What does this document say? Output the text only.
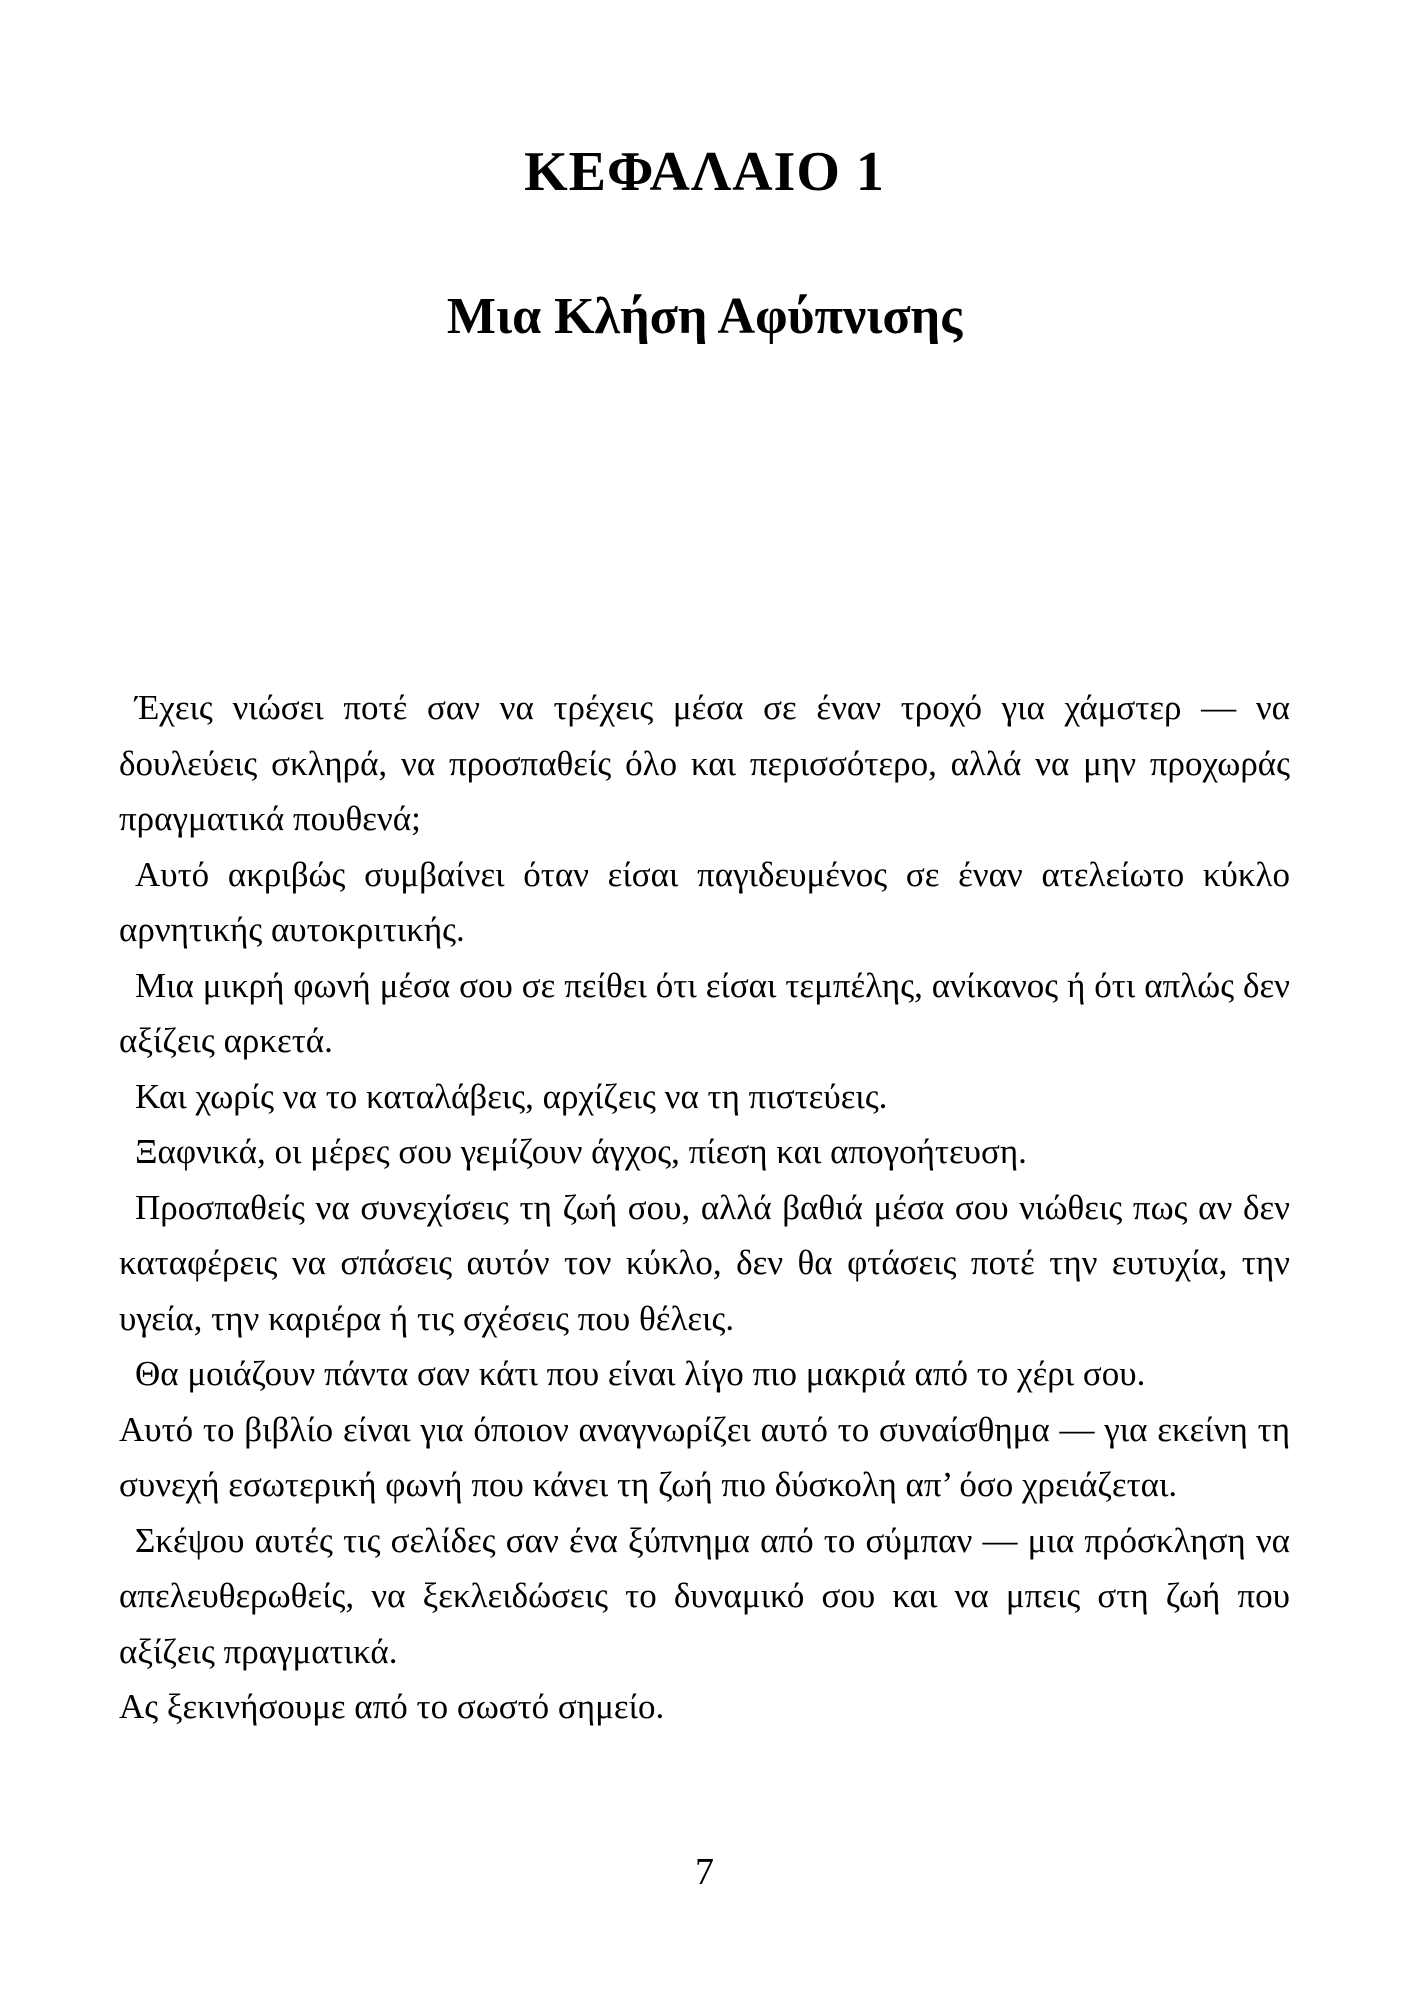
ΚΕΦΑΛΑΙΟ 1
Μια Κλήση Αφύπνισης

Έχεις νιώσει ποτέ σαν να τρέχεις μέσα σε έναν τροχό για χάμστερ — να δουλεύεις σκληρά, να προσπαθείς όλο και περισσότερο, αλλά να μην προχωράς πραγματικά πουθενά;

Αυτό ακριβώς συμβαίνει όταν είσαι παγιδευμένος σε έναν ατελείωτο κύκλο αρνητικής αυτοκριτικής.

Μια μικρή φωνή μέσα σου σε πείθει ότι είσαι τεμπέλης, ανίκανος ή ότι απλώς δεν αξίζεις αρκετά.

Και χωρίς να το καταλάβεις, αρχίζεις να τη πιστεύεις.

Ξαφνικά, οι μέρες σου γεμίζουν άγχος, πίεση και απογοήτευση.

Προσπαθείς να συνεχίσεις τη ζωή σου, αλλά βαθιά μέσα σου νιώθεις πως αν δεν καταφέρεις να σπάσεις αυτόν τον κύκλο, δεν θα φτάσεις ποτέ την ευτυχία, την υγεία, την καριέρα ή τις σχέσεις που θέλεις.

Θα μοιάζουν πάντα σαν κάτι που είναι λίγο πιο μακριά από το χέρι σου.

Αυτό το βιβλίο είναι για όποιον αναγνωρίζει αυτό το συναίσθημα — για εκείνη τη συνεχή εσωτερική φωνή που κάνει τη ζωή πιο δύσκολη απ’ όσο χρειάζεται.

Σκέψου αυτές τις σελίδες σαν ένα ξύπνημα από το σύμπαν — μια πρόσκληση να απελευθερωθείς, να ξεκλειδώσεις το δυναμικό σου και να μπεις στη ζωή που αξίζεις πραγματικά.

Ας ξεκινήσουμε από το σωστό σημείο.

7
